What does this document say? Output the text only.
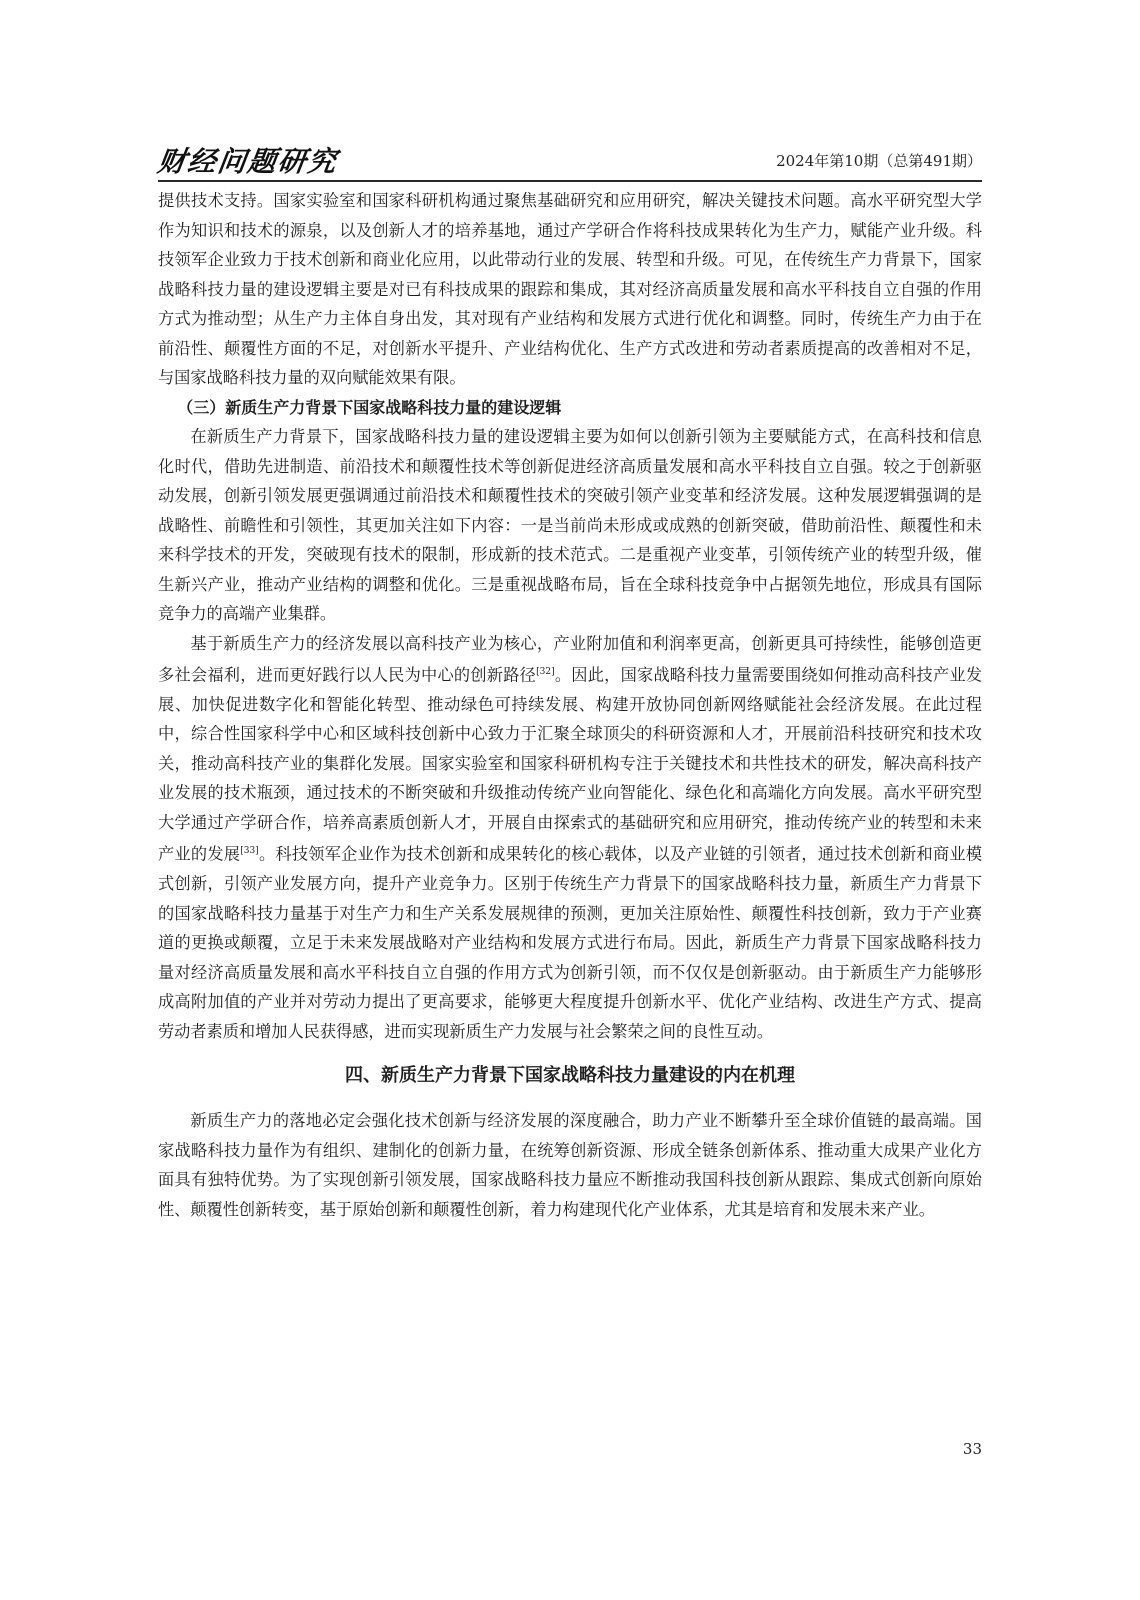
财经问题研究	2024年第10期（总第491期）

提供技术支持。国家实验室和国家科研机构通过聚焦基础研究和应用研究，解决关键技术问题。高水平研究型大学作为知识和技术的源泉，以及创新人才的培养基地，通过产学研合作将科技成果转化为生产力，赋能产业升级。科技领军企业致力于技术创新和商业化应用，以此带动行业的发展、转型和升级。可见，在传统生产力背景下，国家战略科技力量的建设逻辑主要是对已有科技成果的跟踪和集成，其对经济高质量发展和高水平科技自立自强的作用方式为推动型；从生产力主体自身出发，其对现有产业结构和发展方式进行优化和调整。同时，传统生产力由于在前沿性、颠覆性方面的不足，对创新水平提升、产业结构优化、生产方式改进和劳动者素质提高的改善相对不足，与国家战略科技力量的双向赋能效果有限。

（三）新质生产力背景下国家战略科技力量的建设逻辑

在新质生产力背景下，国家战略科技力量的建设逻辑主要为如何以创新引领为主要赋能方式，在高科技和信息化时代，借助先进制造、前沿技术和颠覆性技术等创新促进经济高质量发展和高水平科技自立自强。较之于创新驱动发展，创新引领发展更强调通过前沿技术和颠覆性技术的突破引领产业变革和经济发展。这种发展逻辑强调的是战略性、前瞻性和引领性，其更加关注如下内容：一是当前尚未形成或成熟的创新突破，借助前沿性、颠覆性和未来科学技术的开发，突破现有技术的限制，形成新的技术范式。二是重视产业变革，引领传统产业的转型升级，催生新兴产业，推动产业结构的调整和优化。三是重视战略布局，旨在全球科技竞争中占据领先地位，形成具有国际竞争力的高端产业集群。

基于新质生产力的经济发展以高科技产业为核心，产业附加值和利润率更高，创新更具可持续性，能够创造更多社会福利，进而更好践行以人民为中心的创新路径[32]。因此，国家战略科技力量需要围绕如何推动高科技产业发展、加快促进数字化和智能化转型、推动绿色可持续发展、构建开放协同创新网络赋能社会经济发展。在此过程中，综合性国家科学中心和区域科技创新中心致力于汇聚全球顶尖的科研资源和人才，开展前沿科技研究和技术攻关，推动高科技产业的集群化发展。国家实验室和国家科研机构专注于关键技术和共性技术的研发，解决高科技产业发展的技术瓶颈，通过技术的不断突破和升级推动传统产业向智能化、绿色化和高端化方向发展。高水平研究型大学通过产学研合作，培养高素质创新人才，开展自由探索式的基础研究和应用研究，推动传统产业的转型和未来产业的发展[33]。科技领军企业作为技术创新和成果转化的核心载体，以及产业链的引领者，通过技术创新和商业模式创新，引领产业发展方向，提升产业竞争力。区别于传统生产力背景下的国家战略科技力量，新质生产力背景下的国家战略科技力量基于对生产力和生产关系发展规律的预测，更加关注原始性、颠覆性科技创新，致力于产业赛道的更换或颠覆，立足于未来发展战略对产业结构和发展方式进行布局。因此，新质生产力背景下国家战略科技力量对经济高质量发展和高水平科技自立自强的作用方式为创新引领，而不仅仅是创新驱动。由于新质生产力能够形成高附加值的产业并对劳动力提出了更高要求，能够更大程度提升创新水平、优化产业结构、改进生产方式、提高劳动者素质和增加人民获得感，进而实现新质生产力发展与社会繁荣之间的良性互动。

四、新质生产力背景下国家战略科技力量建设的内在机理

新质生产力的落地必定会强化技术创新与经济发展的深度融合，助力产业不断攀升至全球价值链的最高端。国家战略科技力量作为有组织、建制化的创新力量，在统筹创新资源、形成全链条创新体系、推动重大成果产业化方面具有独特优势。为了实现创新引领发展，国家战略科技力量应不断推动我国科技创新从跟踪、集成式创新向原始性、颠覆性创新转变，基于原始创新和颠覆性创新，着力构建现代化产业体系，尤其是培育和发展未来产业。

33
